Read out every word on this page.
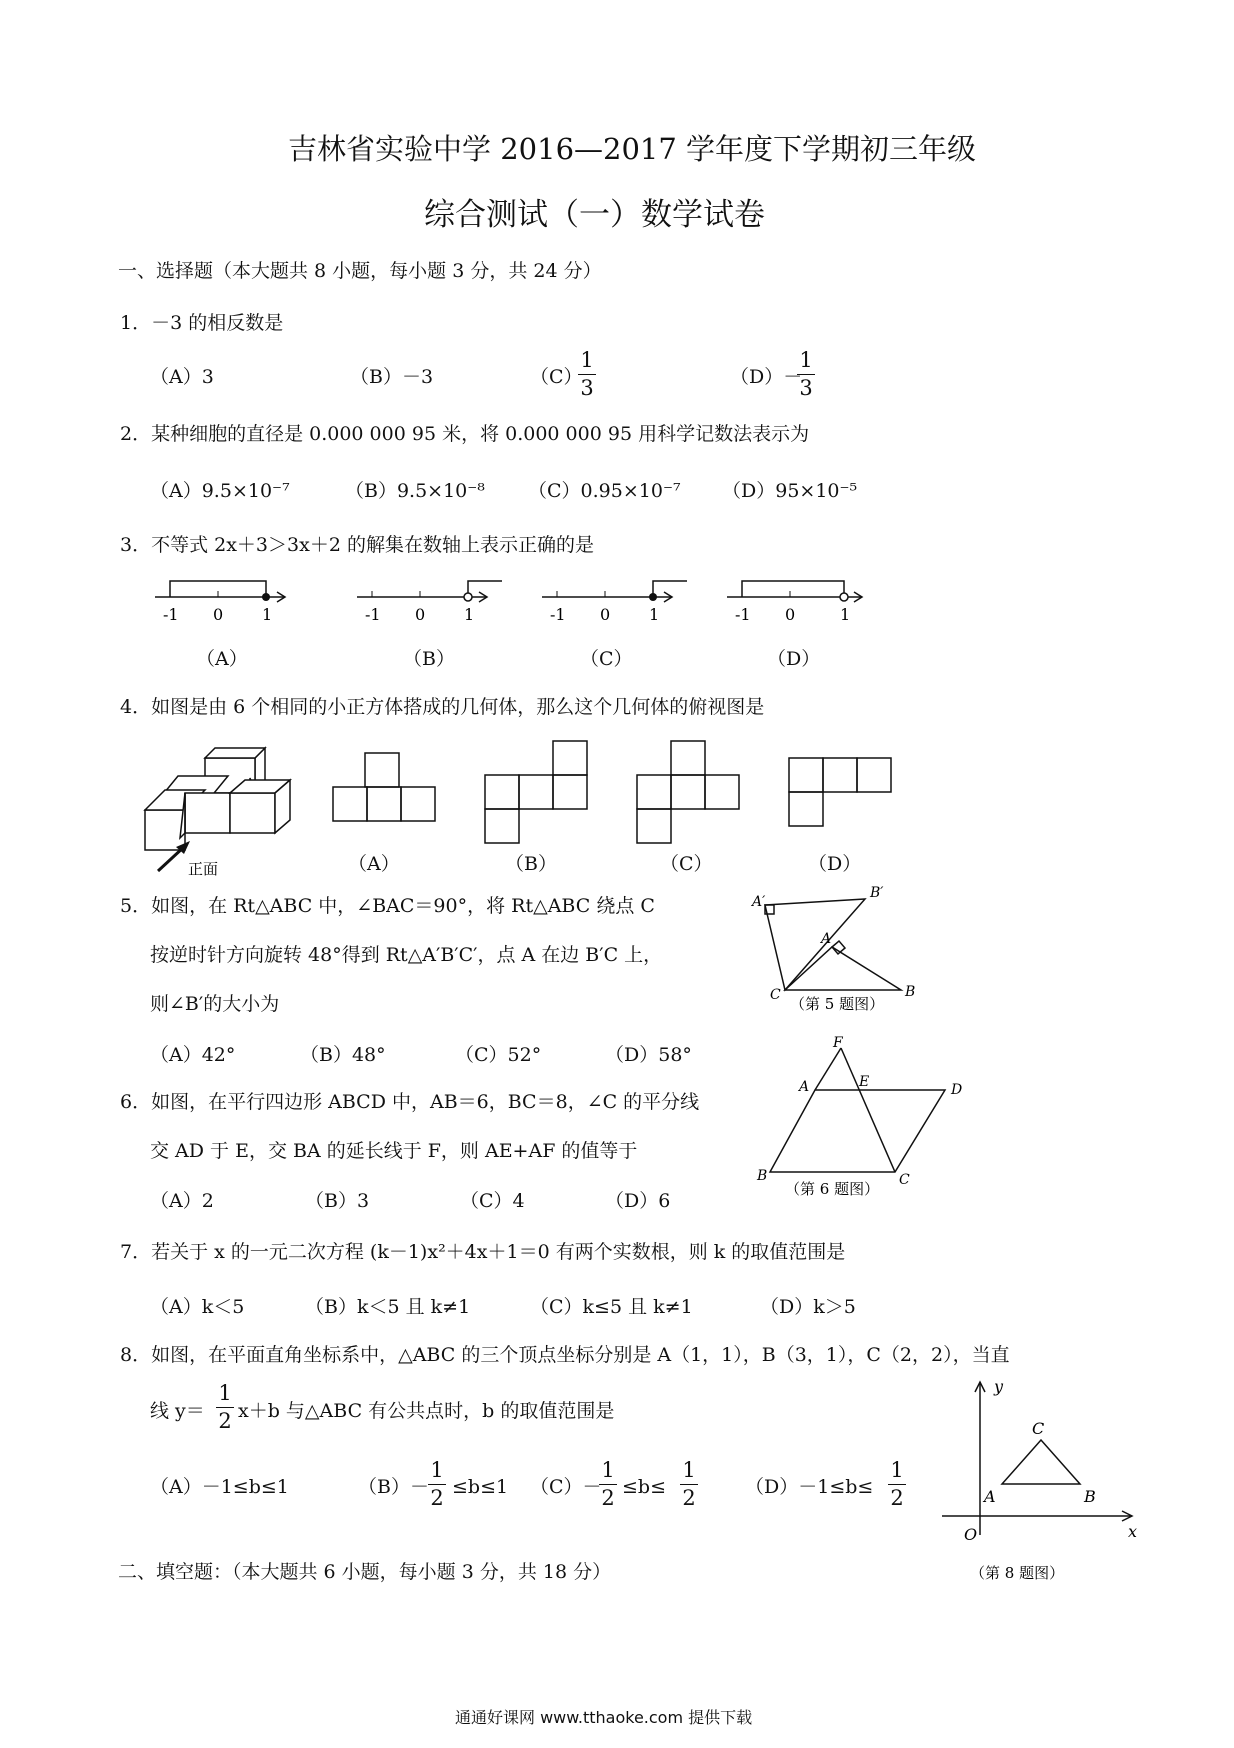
吉林省实验中学 2016—2017 学年度下学期初三年级
综合测试（一）数学试卷
一、选择题（本大题共 8 小题，每小题 3 分，共 24 分）
1．－3 的相反数是
（A）3	（B）－3	（C）
1
3	（D）－
1
3
2．某种细胞的直径是 0.000 000 95 米，将 0.000 000 95 用科学记数法表示为
（A）9.5×10⁻⁷	（B）9.5×10⁻⁸ （C）0.95×10⁻⁷ （D）95×10⁻⁵
3．不等式 2x＋3＞3x＋2 的解集在数轴上表示正确的是
-1 0 1	-1 0 1	-1 0 1	-1 0	1
（A）	（B）	（C）	（D）
4．如图是由 6 个相同的小正方体搭成的几何体，那么这个几何体的俯视图是
正面	（A）	（B）	（C）	（D）
5．如图，在 Rt△ABC 中，∠BAC＝90°，将 Rt△ABC 绕点 C
按逆时针方向旋转 48°得到 Rt△A′B′C′，点 A 在边 B′C 上，
则∠B′的大小为
（A）42°	（B）48°	（C）52°	（D）58°
A′
B′
A
C	B
（第 5 题图）
6．如图，在平行四边形 ABCD 中，AB＝6，BC＝8，∠C 的平分线
交 AD 于 E，交 BA 的延长线于 F，则 AE+AF 的值等于
（A）2	（B）3	（C）4	（D）6
F
A	E	D
B	C
（第 6 题图）
7．若关于 x 的一元二次方程 (k－1)x²＋4x＋1＝0 有两个实数根，则 k 的取值范围是
（A）k＜5	（B）k＜5 且 k≠1	（C）k≤5 且 k≠1	（D）k＞5
8．如图，在平面直角坐标系中，△ABC 的三个顶点坐标分别是 A（1，1），B（3，1），C（2，2），当直
线 y＝
1
2 x＋b 与△ABC 有公共点时，b 的取值范围是
（A）－1≤b≤1	（B）－
1
2 ≤b≤1 （C）－
1
2 ≤b≤
1
2	（D）－1≤b≤
1
2
y
x
O
A	B
C
（第 8 题图）
二、填空题：（本大题共 6 小题，每小题 3 分，共 18 分）
通通好课网 www.tthaoke.com 提供下载
